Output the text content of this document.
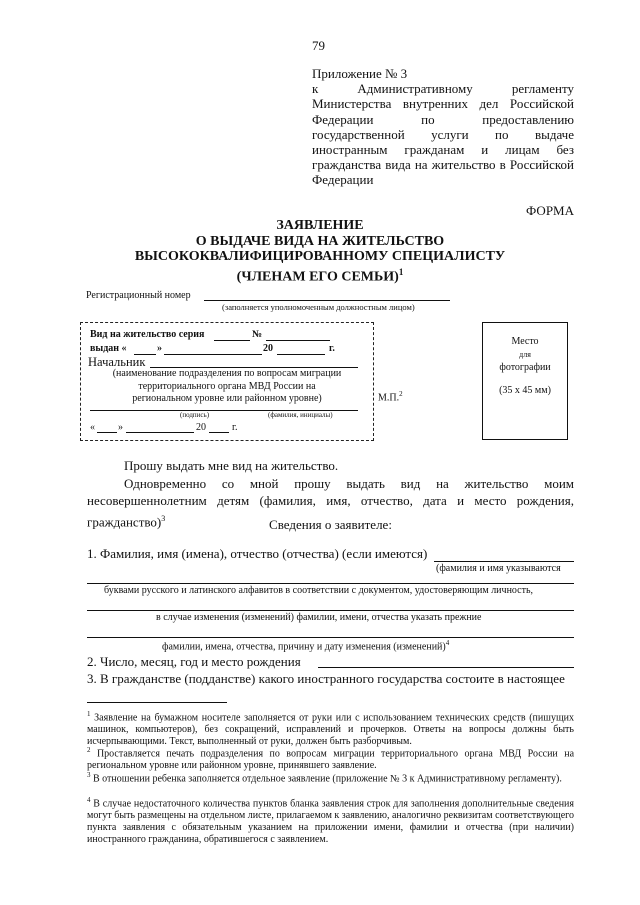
79
Приложение № 3
к Административному регламенту
Министерства внутренних дел Российской
Федерации по предоставлению
государственной услуги по выдаче
иностранным гражданам и лицам без
гражданства вида на жительство в Российской
Федерации
ФОРМА
ЗАЯВЛЕНИЕ
О ВЫДАЧЕ ВИДА НА ЖИТЕЛЬСТВО
ВЫСОКОКВАЛИФИЦИРОВАННОМУ СПЕЦИАЛИСТУ
(ЧЛЕНАМ ЕГО СЕМЬИ)$^1$
Регистрационный номер
(заполняется уполномоченным должностным лицом)
Вид на жительство серия	№
выдан «	»	20	г.
Начальник
(наименование подразделения по вопросам миграции
территориального органа МВД России на
региональном уровне или районном уровне)
(подпись)	(фамилия, инициалы)
« »	20	г.
М.П.$^2$
Место
для
фотографии
(35 x 45 мм)
Прошу выдать мне вид на жительство.
Одновременно со мной прошу выдать вид на жительство моим
несовершеннолетним детям (фамилия, имя, отчество, дата и место рождения,
гражданство)$^3$	Сведения о заявителе:
1. Фамилия, имя (имена), отчество (отчества) (если имеются)
(фамилия и имя указываются
буквами русского и латинского алфавитов в соответствии с документом, удостоверяющим личность,
в случае изменения (изменений) фамилии, имени, отчества указать прежние
фамилии, имена, отчества, причину и дату изменения (изменений)$^4$
2. Число, месяц, год и место рождения
3. В гражданстве (подданстве) какого иностранного государства состоите в настоящее
$^1$ Заявление на бумажном носителе заполняется от руки или с использованием технических средств (пишущих машинок, компьютеров), без сокращений, исправлений и прочерков. Ответы на вопросы должны быть исчерпывающими. Текст, выполненный от руки, должен быть разборчивым.
$^2$ Проставляется печать подразделения по вопросам миграции территориального органа МВД России на региональном уровне или районном уровне, принявшего заявление.
$^3$ В отношении ребенка заполняется отдельное заявление (приложение № 3 к Административному регламенту).
$^4$ В случае недостаточного количества пунктов бланка заявления строк для заполнения дополнительные сведения могут быть размещены на отдельном листе, прилагаемом к заявлению, аналогично реквизитам соответствующего пункта заявления с обязательным указанием на приложении имени, фамилии и отчества (при наличии) иностранного гражданина, обратившегося с заявлением.
